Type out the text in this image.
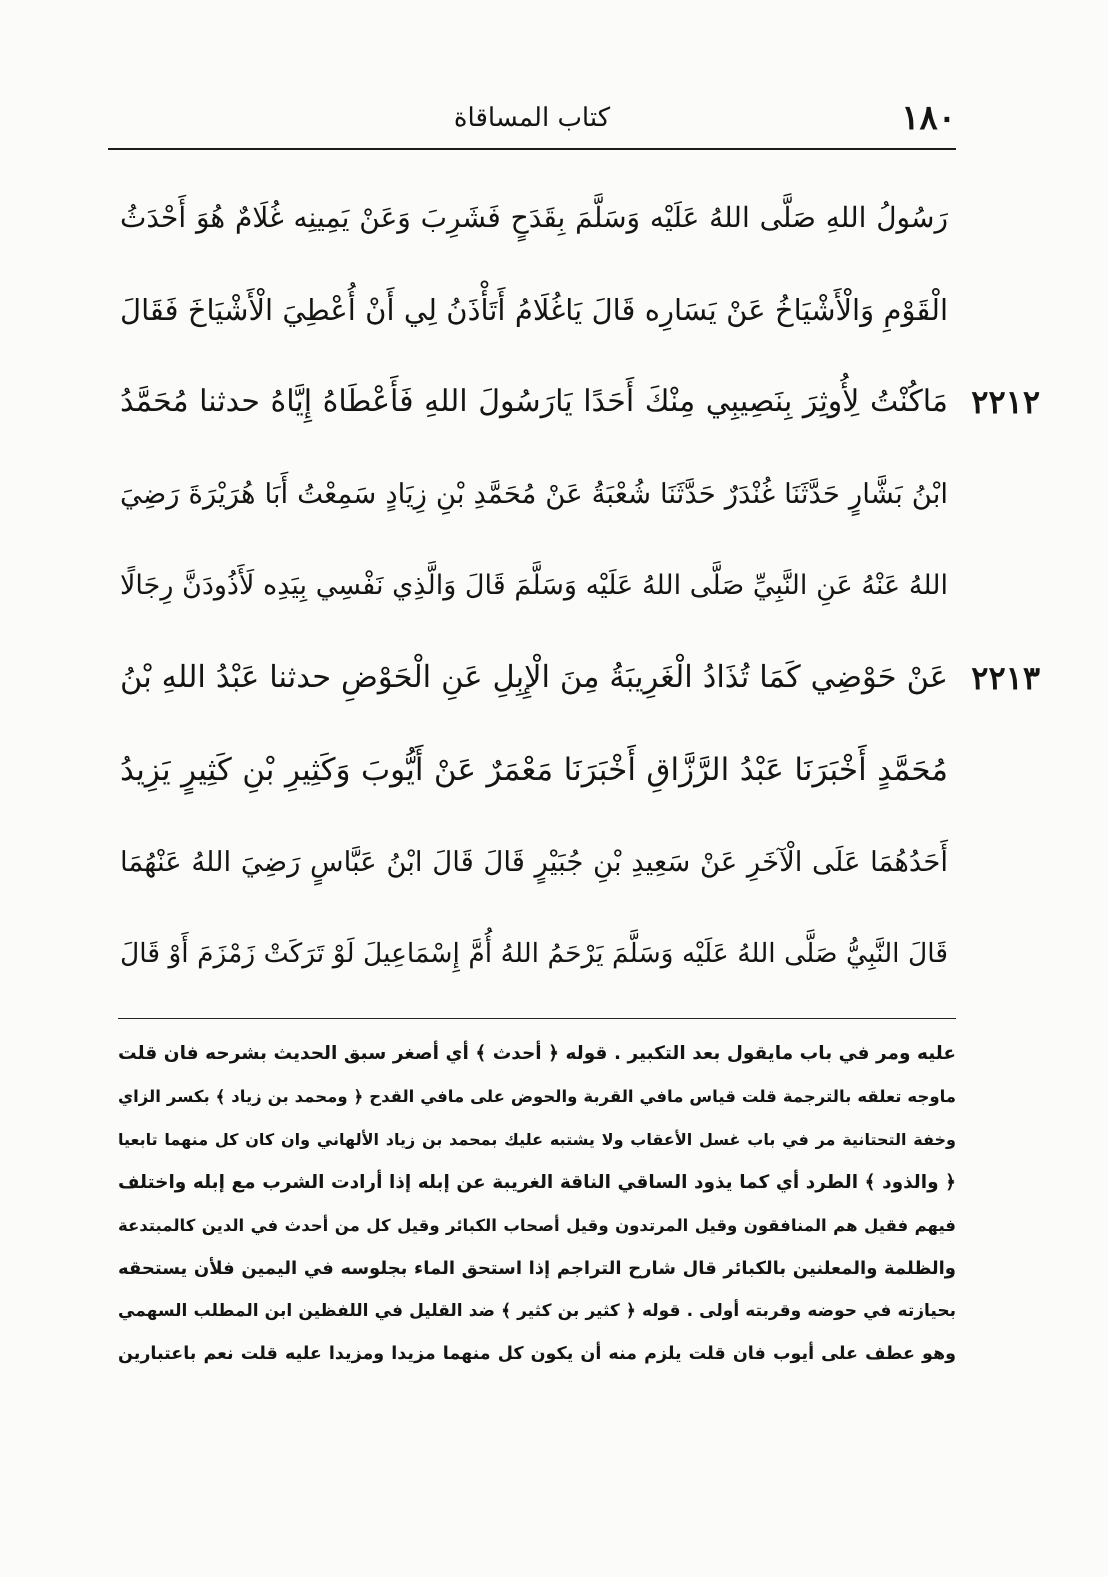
١٨٠
كتاب المساقاة
رَسُولُ اللهِ صَلَّى اللهُ عَلَيْه وَسَلَّمَ بِقَدَحٍ فَشَرِبَ وَعَنْ يَمِينِه غُلَامٌ هُوَ أَحْدَثُ
الْقَوْمِ وَالْأَشْيَاخُ عَنْ يَسَارِه قَالَ يَاغُلَامُ أَتَأْذَنُ لِي أَنْ أُعْطِيَ الْأَشْيَاخَ فَقَالَ
٢٢١٢
مَاكُنْتُ لِأُوثِرَ بِنَصِيبِي مِنْكَ أَحَدًا يَارَسُولَ اللهِ فَأَعْطَاهُ إِيَّاهُ حدثنا مُحَمَّدُ
ابْنُ بَشَّارٍ حَدَّثَنَا غُنْدَرٌ حَدَّثَنَا شُعْبَةُ عَنْ مُحَمَّدِ بْنِ زِيَادٍ سَمِعْتُ أَبَا هُرَيْرَةَ رَضِيَ
اللهُ عَنْهُ عَنِ النَّبِيِّ صَلَّى اللهُ عَلَيْه وَسَلَّمَ قَالَ وَالَّذِي نَفْسِي بِيَدِه لَأَذُودَنَّ رِجَالًا
٢٢١٣
عَنْ حَوْضِي كَمَا تُذَادُ الْغَرِيبَةُ مِنَ الْإِبِلِ عَنِ الْحَوْضِ حدثنا عَبْدُ اللهِ بْنُ
مُحَمَّدٍ أَخْبَرَنَا عَبْدُ الرَّزَّاقِ أَخْبَرَنَا مَعْمَرٌ عَنْ أَيُّوبَ وَكَثِيرِ بْنِ كَثِيرٍ يَزِيدُ
أَحَدُهُمَا عَلَى الْآخَرِ عَنْ سَعِيدِ بْنِ جُبَيْرٍ قَالَ قَالَ ابْنُ عَبَّاسٍ رَضِيَ اللهُ عَنْهُمَا
قَالَ النَّبِيُّ صَلَّى اللهُ عَلَيْه وَسَلَّمَ يَرْحَمُ اللهُ أُمَّ إِسْمَاعِيلَ لَوْ تَرَكَتْ زَمْزَمَ أَوْ قَالَ
عليه ومر في باب مايقول بعد التكبير . قوله ﴿ أحدث ﴾ أي أصغر سبق الحديث بشرحه فان قلت
ماوجه تعلقه بالترجمة قلت قياس مافي القربة والحوض على مافي القدح ﴿ ومحمد بن زياد ﴾ بكسر الزاي
وخفة التحتانية مر في باب غسل الأعقاب ولا يشتبه عليك بمحمد بن زياد الألهاني وان كان كل منهما تابعيا
﴿ والذود ﴾ الطرد أي كما يذود الساقي الناقة الغريبة عن إبله إذا أرادت الشرب مع إبله واختلف
فيهم فقيل هم المنافقون وقيل المرتدون وقيل أصحاب الكبائر وقيل كل من أحدث في الدين كالمبتدعة
والظلمة والمعلنين بالكبائر قال شارح التراجم إذا استحق الماء بجلوسه في اليمين فلأن يستحقه
بحيازته في حوضه وقربته أولى . قوله ﴿ كثير بن كثير ﴾ ضد القليل في اللفظين ابن المطلب السهمي
وهو عطف على أيوب فان قلت يلزم منه أن يكون كل منهما مزيدا ومزيدا عليه قلت نعم باعتبارين
